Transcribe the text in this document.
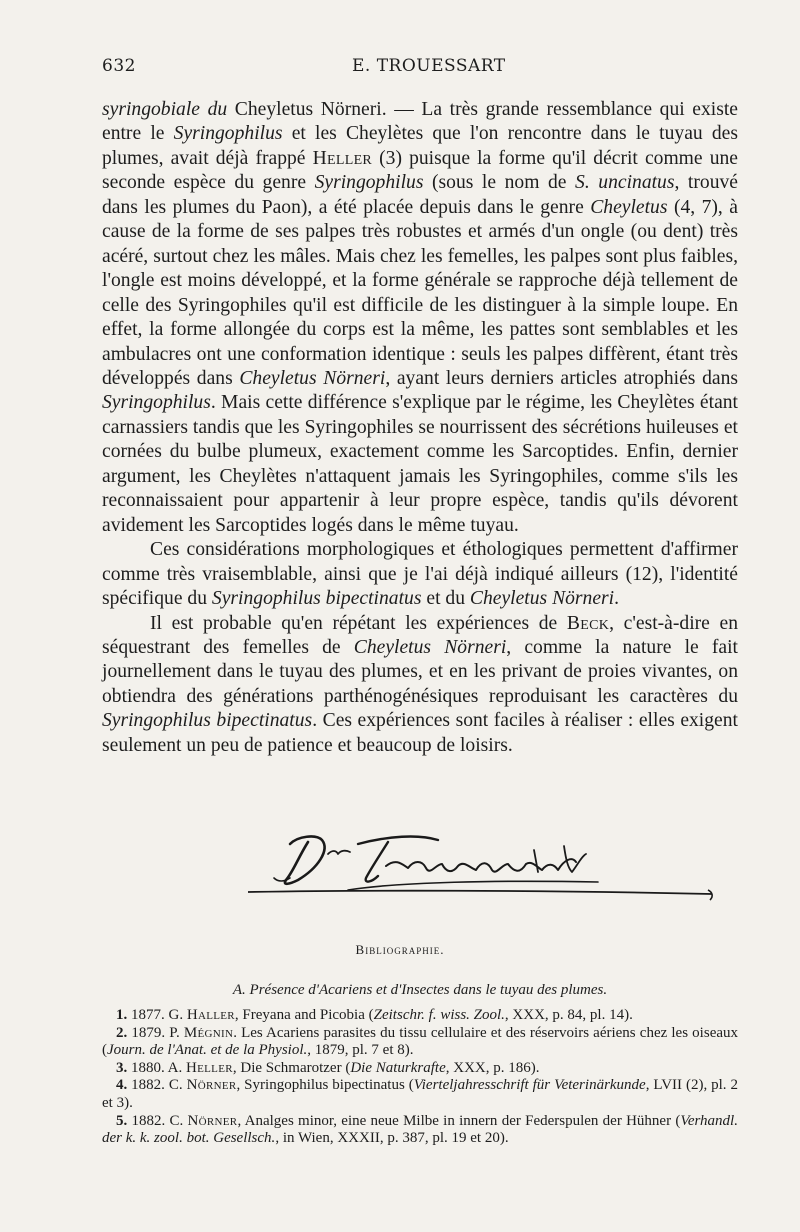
632	E. TROUESSART

syringobiale du Cheyletus Nörneri. — La très grande ressemblance qui existe entre le Syringophilus et les Cheylètes que l'on rencontre dans le tuyau des plumes, avait déjà frappé Heller (3) puisque la forme qu'il décrit comme une seconde espèce du genre Syringophilus (sous le nom de S. uncinatus, trouvé dans les plumes du Paon), a été placée depuis dans le genre Cheyletus (4, 7), à cause de la forme de ses palpes très robustes et armés d'un ongle (ou dent) très acéré, surtout chez les mâles. Mais chez les femelles, les palpes sont plus faibles, l'ongle est moins développé, et la forme générale se rapproche déjà tellement de celle des Syringophiles qu'il est difficile de les distinguer à la simple loupe. En effet, la forme allongée du corps est la même, les pattes sont semblables et les ambulacres ont une conformation identique : seuls les palpes diffèrent, étant très développés dans Cheyletus Nörneri, ayant leurs derniers articles atrophiés dans Syringophilus. Mais cette différence s'explique par le régime, les Cheylètes étant carnassiers tandis que les Syringophiles se nourrissent des sécrétions huileuses et cornées du bulbe plumeux, exactement comme les Sarcoptides. Enfin, dernier argument, les Cheylètes n'attaquent jamais les Syringophiles, comme s'ils les reconnaissaient pour appartenir à leur propre espèce, tandis qu'ils dévorent avidement les Sarcoptides logés dans le même tuyau.

Ces considérations morphologiques et éthologiques permettent d'affirmer comme très vraisemblable, ainsi que je l'ai déjà indiqué ailleurs (12), l'identité spécifique du Syringophilus bipectinatus et du Cheyletus Nörneri.

Il est probable qu'en répétant les expériences de Beck, c'est-à-dire en séquestrant des femelles de Cheyletus Nörneri, comme la nature le fait journellement dans le tuyau des plumes, et en les privant de proies vivantes, on obtiendra des générations parthénogénésiques reproduisant les caractères du Syringophilus bipectinatus. Ces expériences sont faciles à réaliser : elles exigent seulement un peu de patience et beaucoup de loisirs.

Bibliographie.
A. Présence d'Acariens et d'Insectes dans le tuyau des plumes.

1. 1877. G. Haller, Freyana and Picobia (Zeitschr. f. wiss. Zool., XXX, p. 84, pl. 14).

2. 1879. P. Mégnin. Les Acariens parasites du tissu cellulaire et des réservoirs aériens chez les oiseaux (Journ. de l'Anat. et de la Physiol., 1879, pl. 7 et 8).

3. 1880. A. Heller, Die Schmarotzer (Die Naturkrafte, XXX, p. 186).

4. 1882. C. Nörner, Syringophilus bipectinatus (Vierteljahresschrift für Veterinärkunde, LVII (2), pl. 2 et 3).

5. 1882. C. Nörner, Analges minor, eine neue Milbe in innern der Federspulen der Hühner (Verhandl. der k. k. zool. bot. Gesellsch., in Wien, XXXII, p. 387, pl. 19 et 20).
